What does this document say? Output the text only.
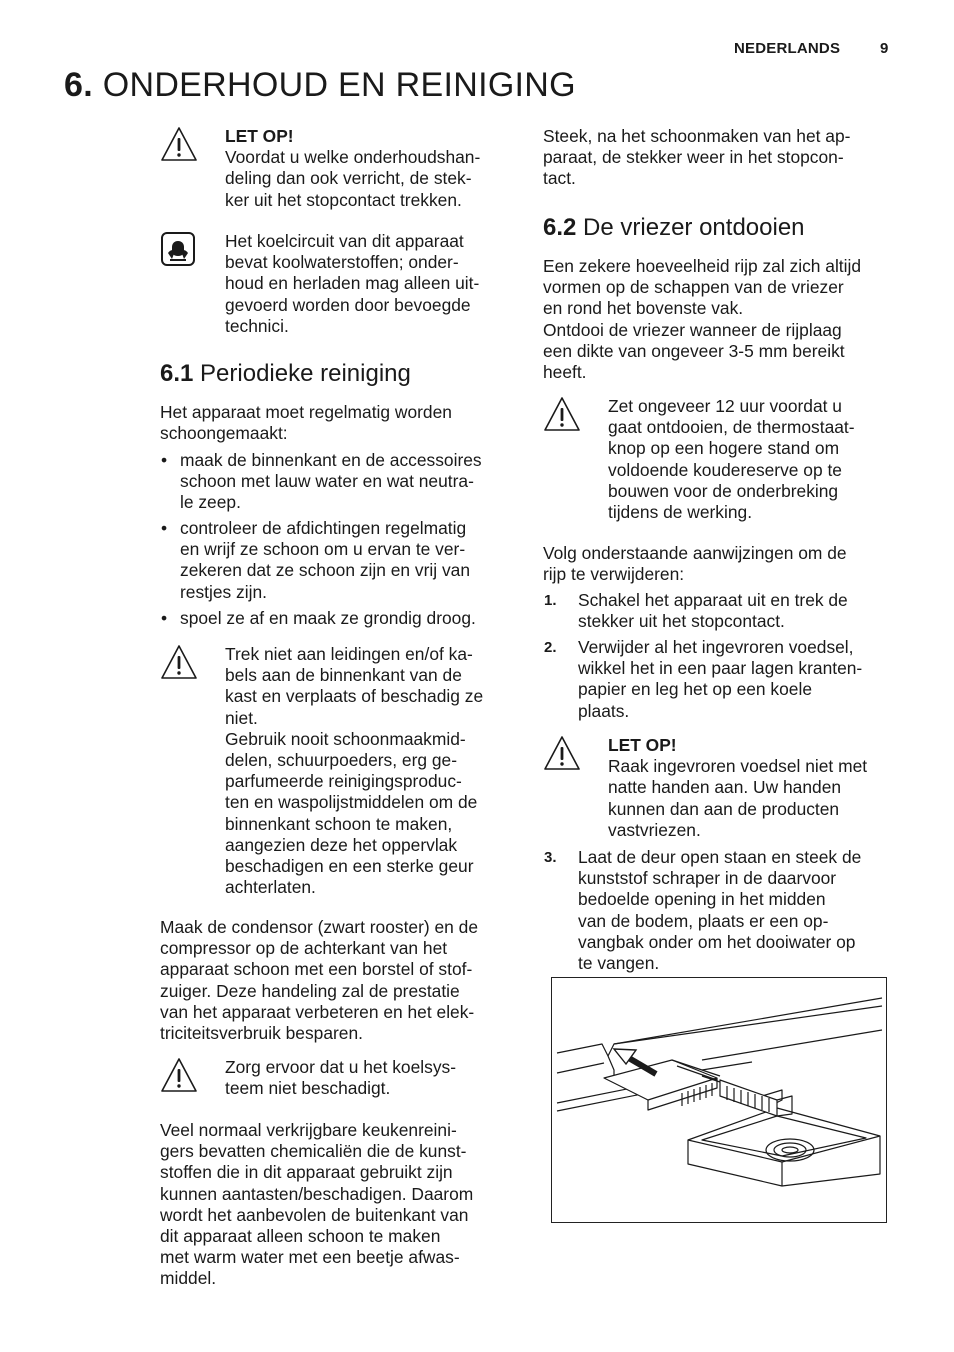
NEDERLANDS	9
6. ONDERHOUD EN REINIGING
LET OP!
Voordat u welke onderhoudshan-
deling dan ook verricht, de stek-
ker uit het stopcontact trekken.
Het koelcircuit van dit apparaat
bevat koolwaterstoffen; onder-
houd en herladen mag alleen uit-
gevoerd worden door bevoegde
technici.
6.1 Periodieke reiniging
Het apparaat moet regelmatig worden
schoongemaakt:
• maak de binnenkant en de accessoires
schoon met lauw water en wat neutra-
le zeep.
• controleer de afdichtingen regelmatig
en wrijf ze schoon om u ervan te ver-
zekeren dat ze schoon zijn en vrij van
restjes zijn.
• spoel ze af en maak ze grondig droog.
Trek niet aan leidingen en/of ka-
bels aan de binnenkant van de
kast en verplaats of beschadig ze
niet.
Gebruik nooit schoonmaakmid-
delen, schuurpoeders, erg ge-
parfumeerde reinigingsproduc-
ten en waspolijstmiddelen om de
binnenkant schoon te maken,
aangezien deze het oppervlak
beschadigen en een sterke geur
achterlaten.
Maak de condensor (zwart rooster) en de
compressor op de achterkant van het
apparaat schoon met een borstel of stof-
zuiger. Deze handeling zal de prestatie
van het apparaat verbeteren en het elek-
triciteitsverbruik besparen.
Zorg ervoor dat u het koelsys-
teem niet beschadigt.
Veel normaal verkrijgbare keukenreini-
gers bevatten chemicaliën die de kunst-
stoffen die in dit apparaat gebruikt zijn
kunnen aantasten/beschadigen. Daarom
wordt het aanbevolen de buitenkant van
dit apparaat alleen schoon te maken
met warm water met een beetje afwas-
middel.
Steek, na het schoonmaken van het ap-
paraat, de stekker weer in het stopcon-
tact.
6.2 De vriezer ontdooien
Een zekere hoeveelheid rijp zal zich altijd
vormen op de schappen van de vriezer
en rond het bovenste vak.
Ontdooi de vriezer wanneer de rijplaag
een dikte van ongeveer 3-5 mm bereikt
heeft.
Zet ongeveer 12 uur voordat u
gaat ontdooien, de thermostaat-
knop op een hogere stand om
voldoende koudereserve op te
bouwen voor de onderbreking
tijdens de werking.
Volg onderstaande aanwijzingen om de
rijp te verwijderen:
1. Schakel het apparaat uit en trek de
stekker uit het stopcontact.
2. Verwijder al het ingevroren voedsel,
wikkel het in een paar lagen kranten-
papier en leg het op een koele
plaats.
LET OP!
Raak ingevroren voedsel niet met
natte handen aan. Uw handen
kunnen dan aan de producten
vastvriezen.
3. Laat de deur open staan en steek de
kunststof schraper in de daarvoor
bedoelde opening in het midden
van de bodem, plaats er een op-
vangbak onder om het dooiwater op
te vangen.
